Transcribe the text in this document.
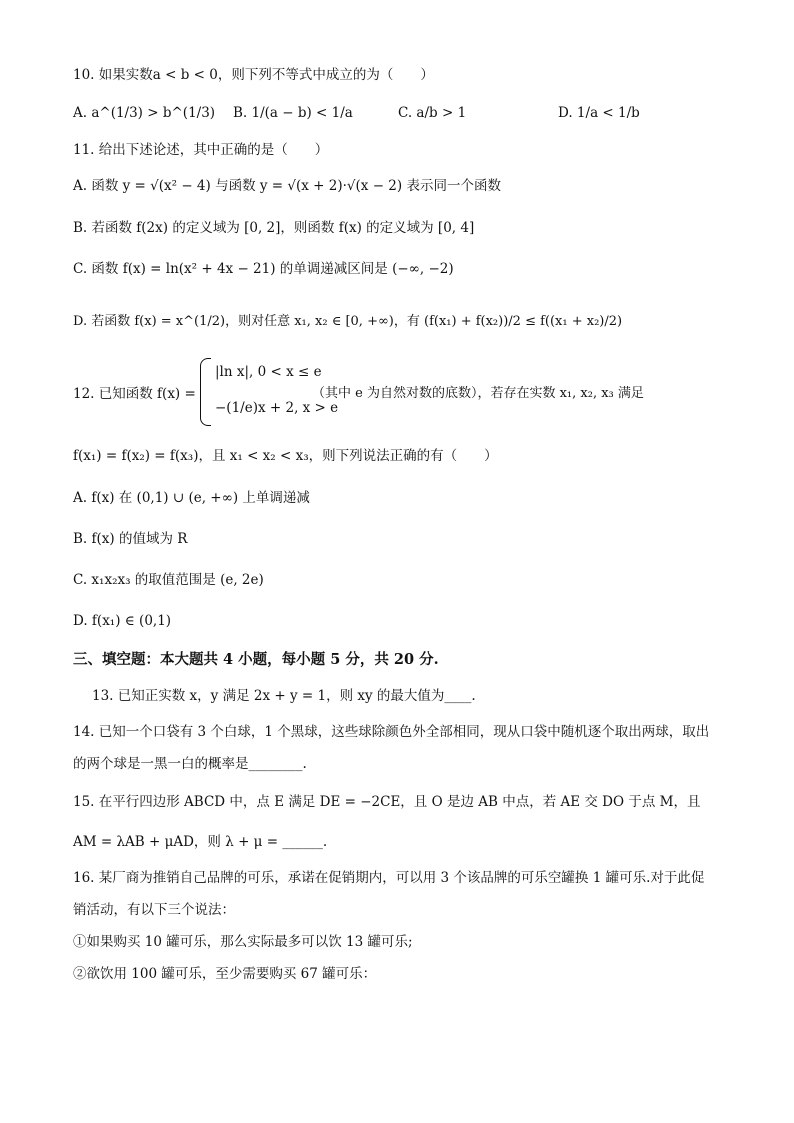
10. 如果实数a < b < 0，则下列不等式中成立的为（　　）
A. a^(1/3) > b^(1/3) B. 1/(a − b) < 1/a	C. a/b > 1	D. 1/a < 1/b
11. 给出下述论述，其中正确的是（　　）
A. 函数 y = √(x² − 4) 与函数 y = √(x + 2)·√(x − 2) 表示同一个函数
B. 若函数 f(2x) 的定义域为 [0, 2]，则函数 f(x) 的定义域为 [0, 4]
C. 函数 f(x) = ln(x² + 4x − 21) 的单调递减区间是 (−∞, −2)
D. 若函数 f(x) = x^(1/2)，则对任意 x₁, x₂ ∈ [0, +∞)，有 (f(x₁) + f(x₂))/2 ≤ f((x₁ + x₂)/2)
12. 已知函数 f(x) =
|ln x|, 0 < x ≤ e
−(1/e)x + 2, x > e
（其中 e 为自然对数的底数），若存在实数 x₁, x₂, x₃ 满足
f(x₁) = f(x₂) = f(x₃)，且 x₁ < x₂ < x₃，则下列说法正确的有（　　）
A. f(x) 在 (0,1) ∪ (e, +∞) 上单调递减
B. f(x) 的值域为 R
C. x₁x₂x₃ 的取值范围是 (e, 2e)
D. f(x₁) ∈ (0,1)
三、填空题：本大题共 4 小题，每小题 5 分，共 20 分.
13. 已知正实数 x，y 满足 2x + y = 1，则 xy 的最大值为____.
14. 已知一个口袋有 3 个白球，1 个黑球，这些球除颜色外全部相同，现从口袋中随机逐个取出两球，取出
的两个球是一黑一白的概率是________.
15. 在平行四边形 ABCD 中，点 E 满足 DE = −2CE，且 O 是边 AB 中点，若 AE 交 DO 于点 M，且
AM = λAB + μAD，则 λ + μ = ______.
16. 某厂商为推销自己品牌的可乐，承诺在促销期内，可以用 3 个该品牌的可乐空罐换 1 罐可乐.对于此促
销活动，有以下三个说法：
①如果购买 10 罐可乐，那么实际最多可以饮 13 罐可乐;
②欲饮用 100 罐可乐，至少需要购买 67 罐可乐：
